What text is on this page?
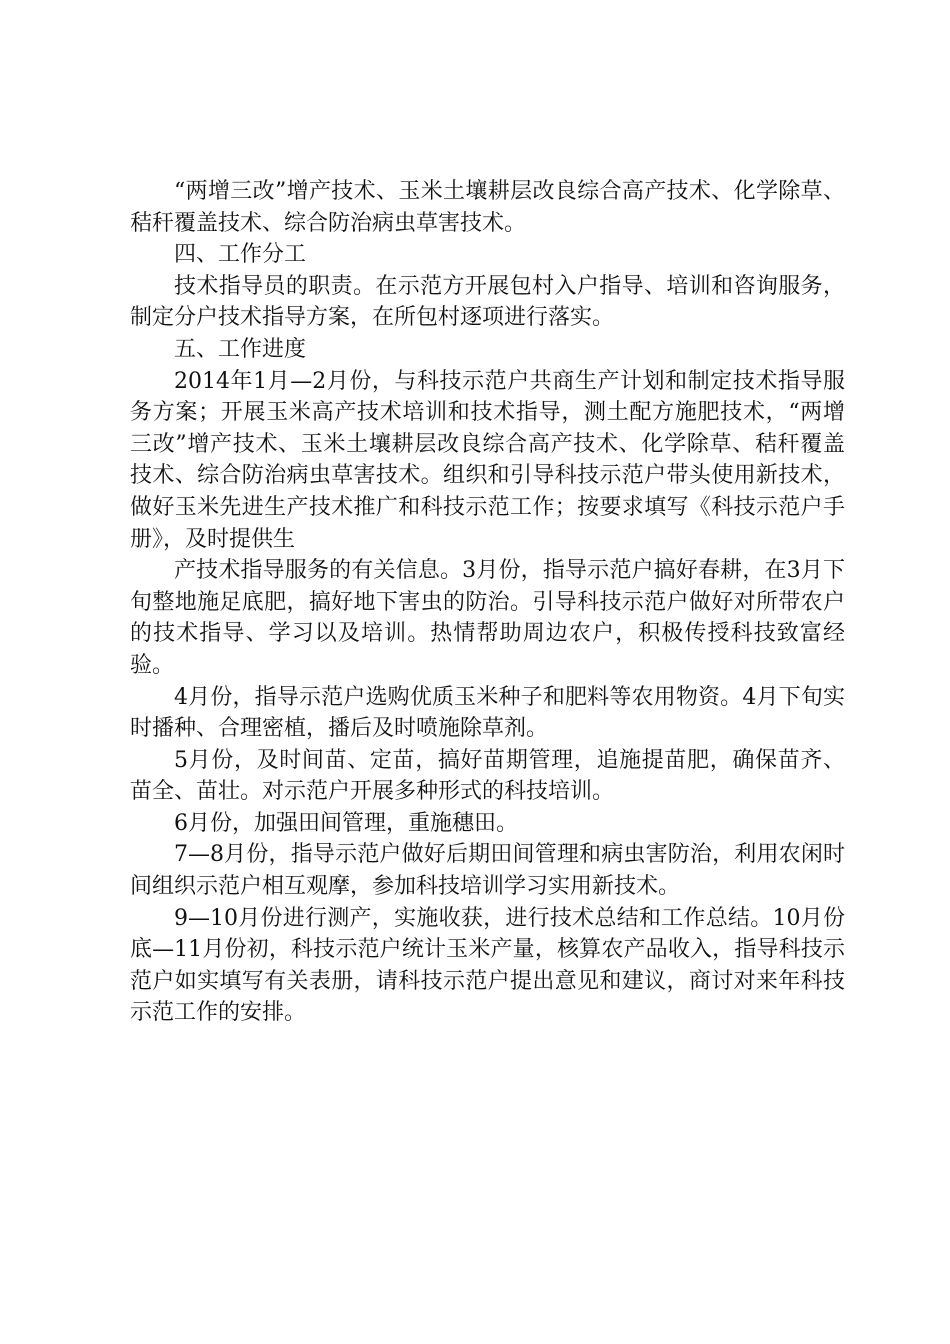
“两增三改”增产技术、玉米土壤耕层改良综合高产技术、化学除草、秸秆覆盖技术、综合防治病虫草害技术。

四、工作分工

技术指导员的职责。在示范方开展包村入户指导、培训和咨询服务，制定分户技术指导方案，在所包村逐项进行落实。

五、工作进度

2014年1月—2月份，与科技示范户共商生产计划和制定技术指导服务方案；开展玉米高产技术培训和技术指导，测土配方施肥技术，“两增三改”增产技术、玉米土壤耕层改良综合高产技术、化学除草、秸秆覆盖技术、综合防治病虫草害技术。组织和引导科技示范户带头使用新技术，做好玉米先进生产技术推广和科技示范工作；按要求填写《科技示范户手册》，及时提供生

产技术指导服务的有关信息。3月份，指导示范户搞好春耕，在3月下旬整地施足底肥，搞好地下害虫的防治。引导科技示范户做好对所带农户的技术指导、学习以及培训。热情帮助周边农户，积极传授科技致富经验。

4月份，指导示范户选购优质玉米种子和肥料等农用物资。4月下旬实时播种、合理密植，播后及时喷施除草剂。

5月份，及时间苗、定苗，搞好苗期管理，追施提苗肥，确保苗齐、苗全、苗壮。对示范户开展多种形式的科技培训。

6月份，加强田间管理，重施穗田。

7—8月份，指导示范户做好后期田间管理和病虫害防治，利用农闲时间组织示范户相互观摩，参加科技培训学习实用新技术。

9—10月份进行测产，实施收获，进行技术总结和工作总结。10月份底—11月份初，科技示范户统计玉米产量，核算农产品收入，指导科技示范户如实填写有关表册，请科技示范户提出意见和建议，商讨对来年科技示范工作的安排。
